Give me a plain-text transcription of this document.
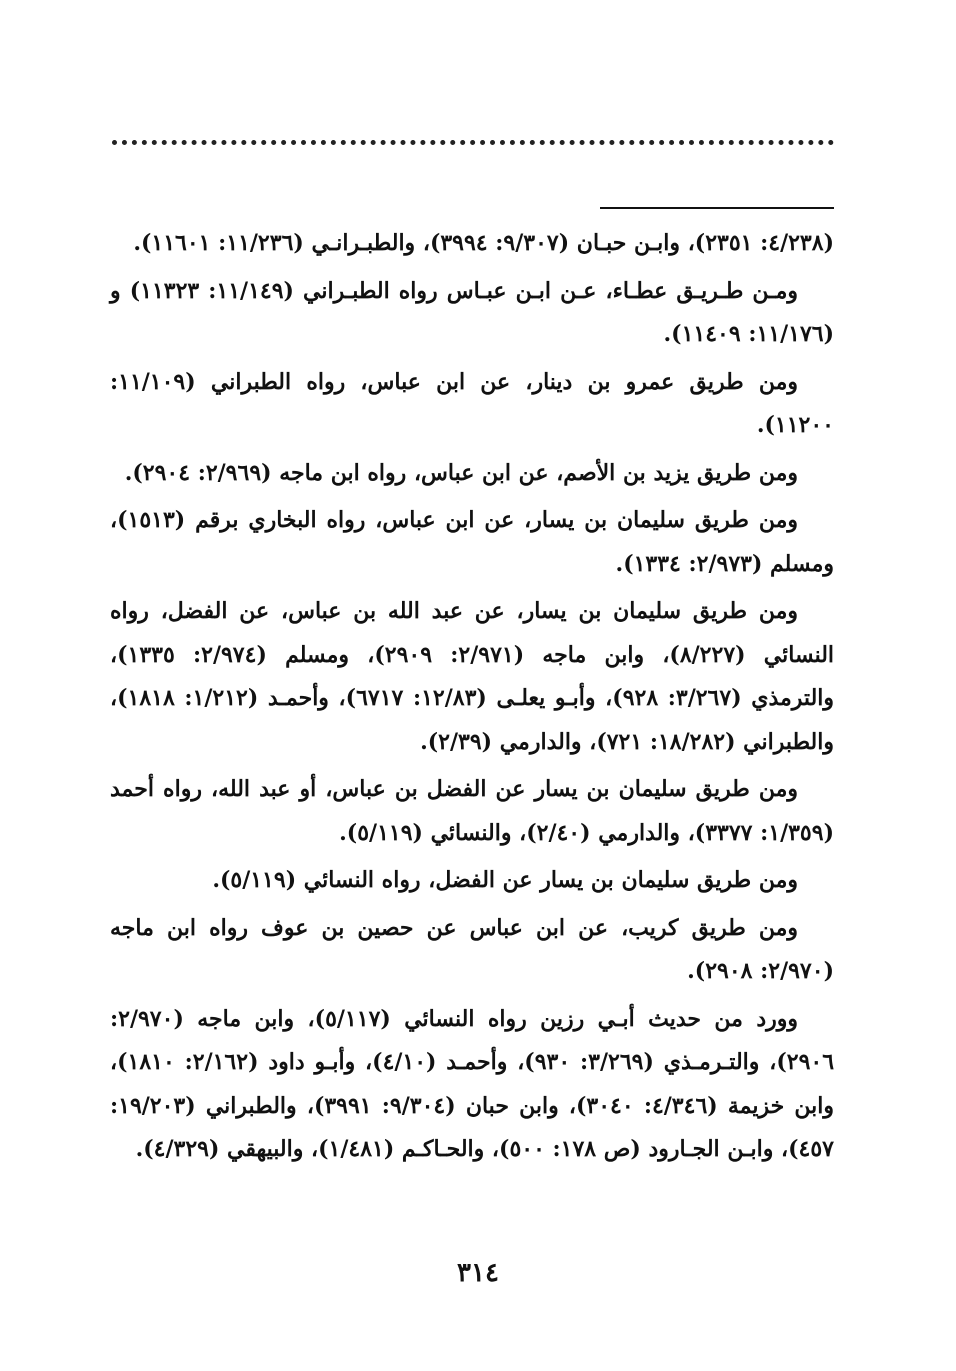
(٤/٢٣٨: ٢٣٥١)، وابـن حبـان (٩/٣٠٧: ٣٩٩٤)، والطبـرانـي (١١/٢٣٦: ١١٦٠١).

ومـن طـريـق عطـاء، عـن ابـن عبـاس رواه الطبـراني (١١/١٤٩: ١١٣٢٣) و (١١/١٧٦: ١١٤٠٩).

ومن طريق عمرو بن دينار، عن ابن عباس، رواه الطبراني (١١/١٠٩: ١١٢٠٠).

ومن طريق يزيد بن الأصم، عن ابن عباس، رواه ابن ماجه (٢/٩٦٩: ٢٩٠٤).

ومن طريق سليمان بن يسار، عن ابن عباس، رواه البخاري برقم (١٥١٣)، ومسلم (٢/٩٧٣: ١٣٣٤).

ومن طريق سليمان بن يسار، عن عبد الله بن عباس، عن الفضل، رواه النسائي (٨/٢٢٧)، وابن ماجه (٢/٩٧١: ٢٩٠٩)، ومسلم (٢/٩٧٤: ١٣٣٥)، والترمذي (٣/٢٦٧: ٩٢٨)، وأبـو يعلـى (١٢/٨٣: ٦٧١٧)، وأحمـد (١/٢١٢: ١٨١٨)، والطبراني (١٨/٢٨٢: ٧٢١)، والدارمي (٢/٣٩).

ومن طريق سليمان بن يسار عن الفضل بن عباس، أو عبد الله، رواه أحمد (١/٣٥٩: ٣٣٧٧)، والدارمي (٢/٤٠)، والنسائي (٥/١١٩).

ومن طريق سليمان بن يسار عن الفضل، رواه النسائي (٥/١١٩).

ومن طريق كريب، عن ابن عباس عن حصين بن عوف رواه ابن ماجه (٢/٩٧٠: ٢٩٠٨).

وورد من حديث أبـي رزين رواه النسائي (٥/١١٧)، وابن ماجه (٢/٩٧٠: ٢٩٠٦)، والتـرمـذي (٣/٢٦٩: ٩٣٠)، وأحمـد (٤/١٠)، وأبـو داود (٢/١٦٢: ١٨١٠)، وابن خزيمة (٤/٣٤٦: ٣٠٤٠)، وابن حبان (٩/٣٠٤: ٣٩٩١)، والطبراني (١٩/٢٠٣: ٤٥٧)، وابـن الجـارود (ص ١٧٨: ٥٠٠)، والحـاكـم (١/٤٨١)، والبيهقي (٤/٣٢٩).

٣١٤
